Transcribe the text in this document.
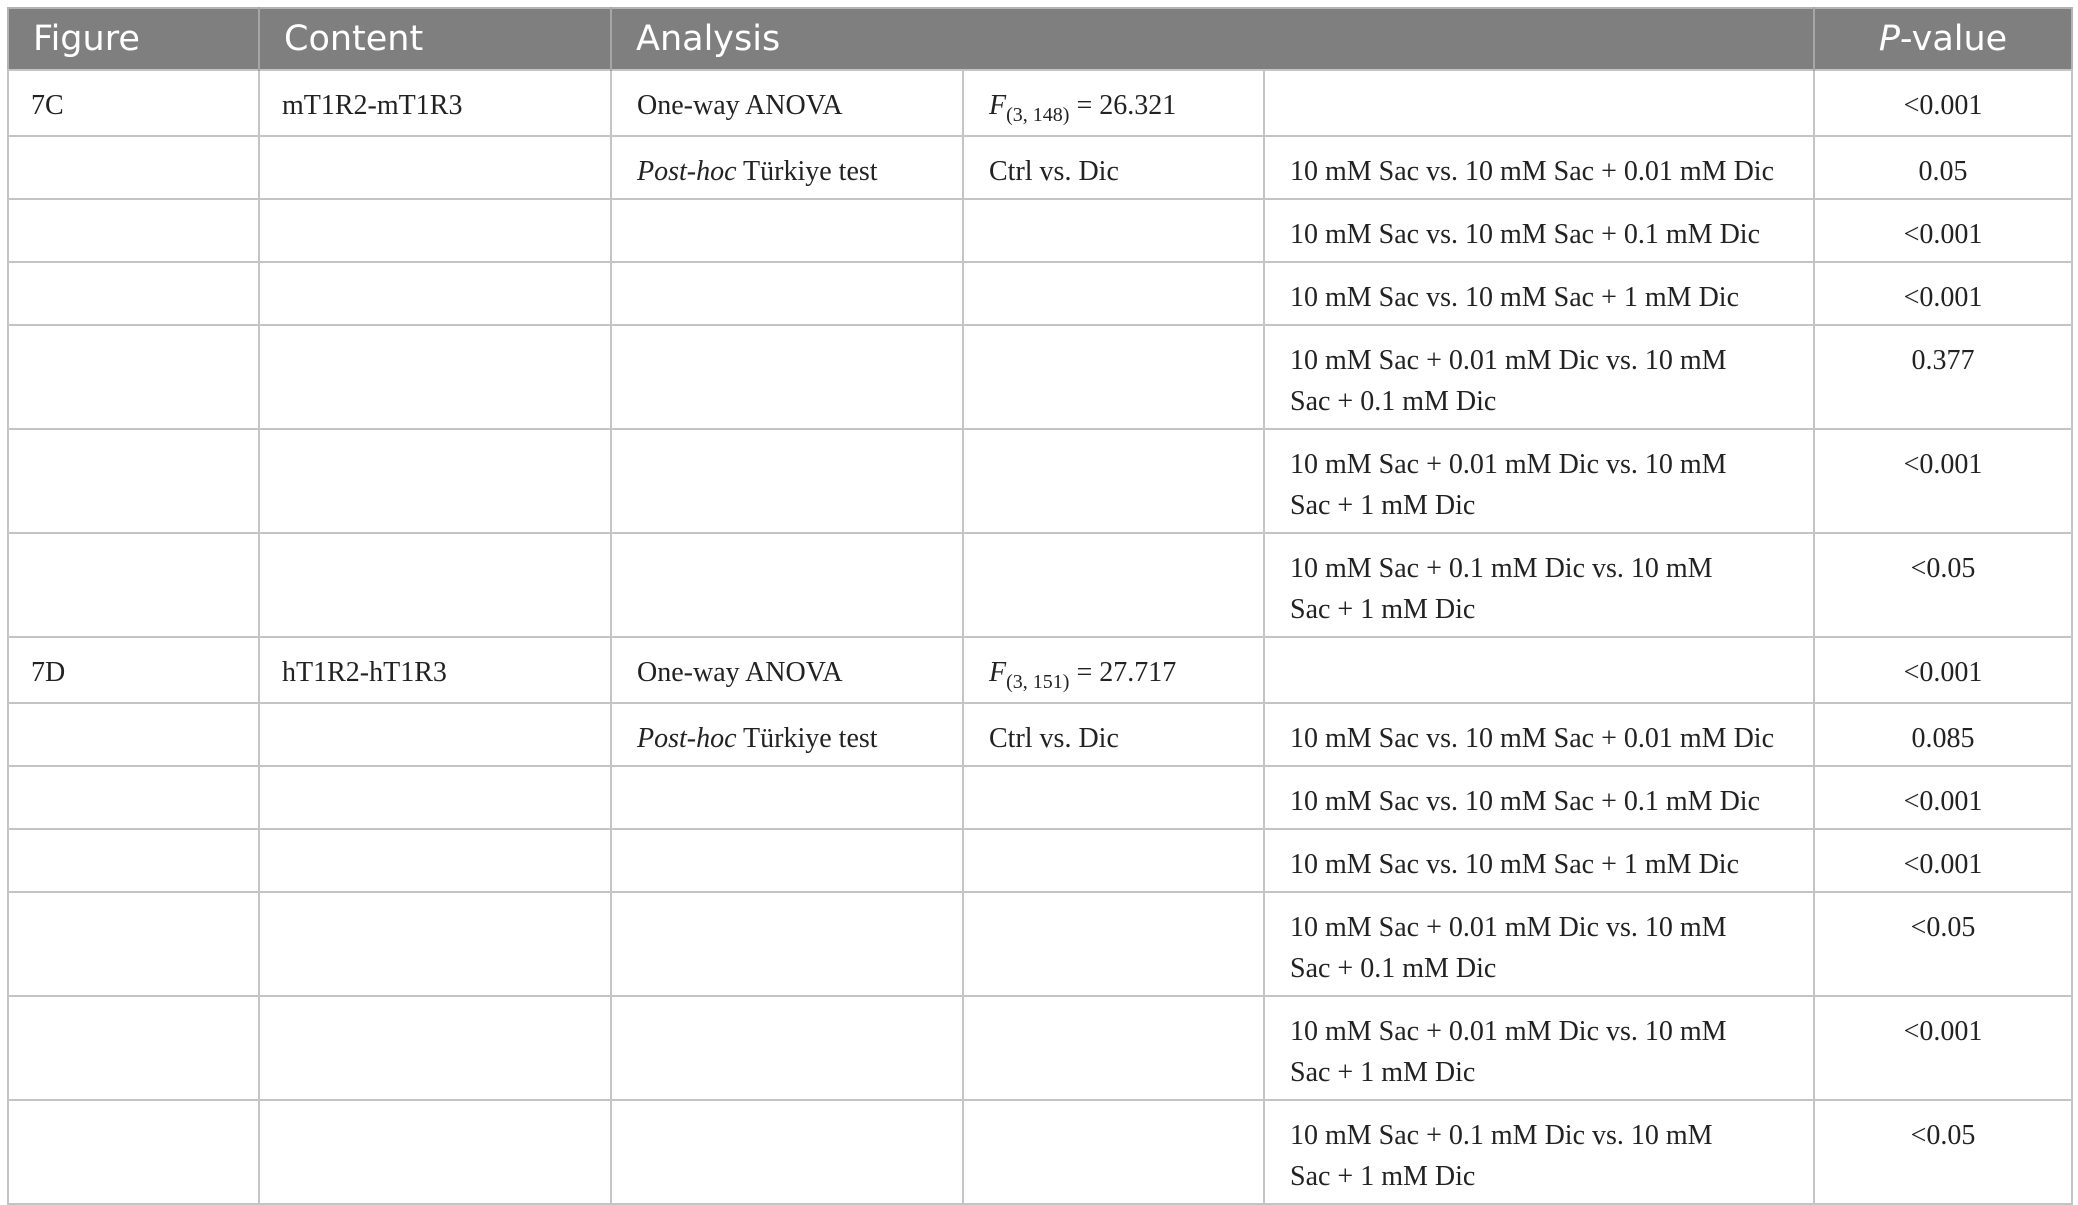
Figure	Content	Analysis			P-value
7C	mT1R2-mT1R3	One-way ANOVA	$F_{(3, 148)} = 26.321$		<0.001
		Post-hoc Türkiye test	Ctrl vs. Dic	10 mM Sac vs. 10 mM Sac + 0.01 mM Dic	0.05
				10 mM Sac vs. 10 mM Sac + 0.1 mM Dic	<0.001
				10 mM Sac vs. 10 mM Sac + 1 mM Dic	<0.001
				10 mM Sac + 0.01 mM Dic vs. 10 mM
Sac + 0.1 mM Dic	0.377
				10 mM Sac + 0.01 mM Dic vs. 10 mM
Sac + 1 mM Dic	<0.001
				10 mM Sac + 0.1 mM Dic vs. 10 mM
Sac + 1 mM Dic	<0.05
7D	hT1R2-hT1R3	One-way ANOVA	$F_{(3, 151)} = 27.717$		<0.001
		Post-hoc Türkiye test	Ctrl vs. Dic	10 mM Sac vs. 10 mM Sac + 0.01 mM Dic	0.085
				10 mM Sac vs. 10 mM Sac + 0.1 mM Dic	<0.001
				10 mM Sac vs. 10 mM Sac + 1 mM Dic	<0.001
				10 mM Sac + 0.01 mM Dic vs. 10 mM
Sac + 0.1 mM Dic	<0.05
				10 mM Sac + 0.01 mM Dic vs. 10 mM
Sac + 1 mM Dic	<0.001
				10 mM Sac + 0.1 mM Dic vs. 10 mM
Sac + 1 mM Dic	<0.05
